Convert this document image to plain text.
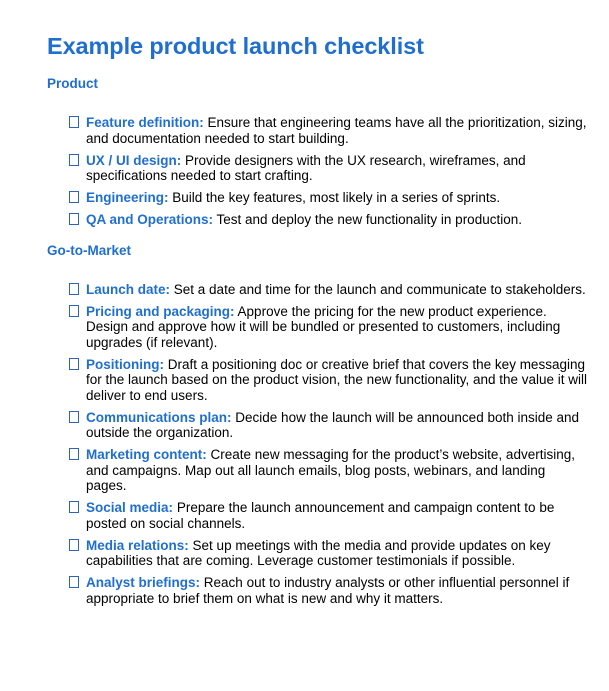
Example product launch checklist
Product
Feature definition: Ensure that engineering teams have all the prioritization, sizing, and documentation needed to start building.
UX / UI design: Provide designers with the UX research, wireframes, and specifications needed to start crafting.
Engineering: Build the key features, most likely in a series of sprints.
QA and Operations: Test and deploy the new functionality in production.
Go-to-Market
Launch date: Set a date and time for the launch and communicate to stakeholders.
Pricing and packaging: Approve the pricing for the new product experience. Design and approve how it will be bundled or presented to customers, including upgrades (if relevant).
Positioning: Draft a positioning doc or creative brief that covers the key messaging for the launch based on the product vision, the new functionality, and the value it will deliver to end users.
Communications plan: Decide how the launch will be announced both inside and outside the organization.
Marketing content: Create new messaging for the product’s website, advertising, and campaigns. Map out all launch emails, blog posts, webinars, and landing pages.
Social media: Prepare the launch announcement and campaign content to be posted on social channels.
Media relations: Set up meetings with the media and provide updates on key capabilities that are coming. Leverage customer testimonials if possible.
Analyst briefings: Reach out to industry analysts or other influential personnel if appropriate to brief them on what is new and why it matters.
